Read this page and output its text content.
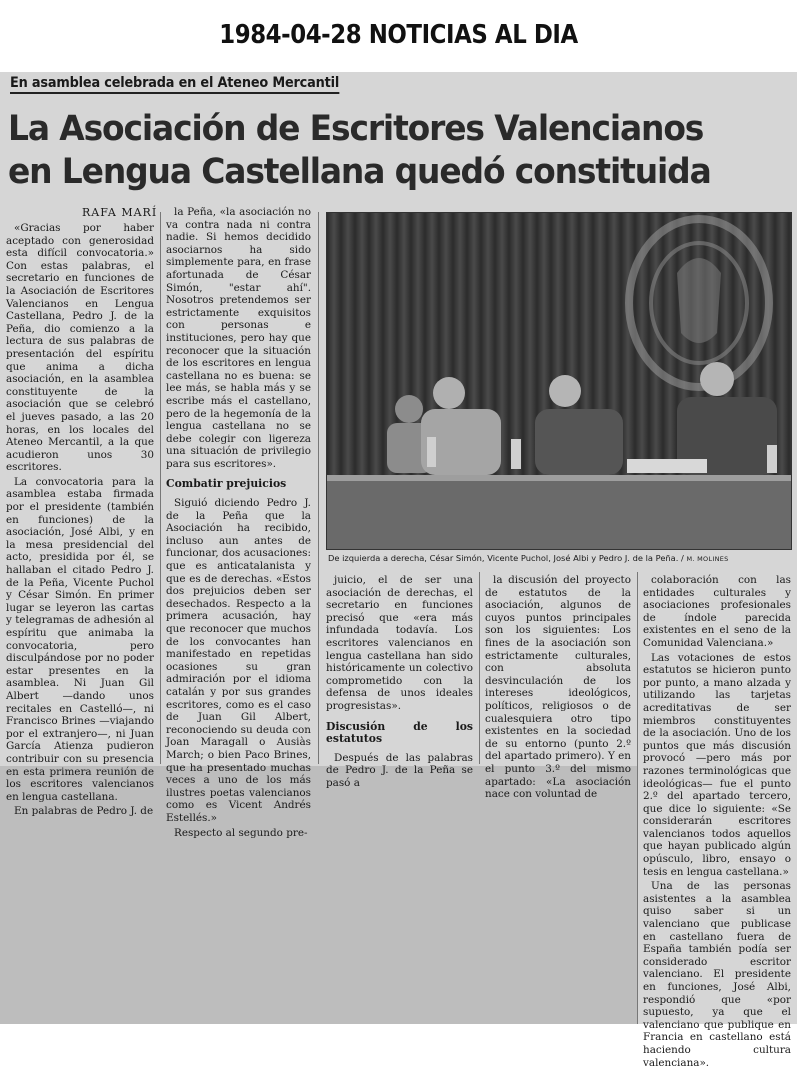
1984-04-28 NOTICIAS AL DIA
En asamblea celebrada en el Ateneo Mercantil
La Asociación de Escritores Valencianos en Lengua Castellana quedó constituida
RAFA MARÍ

«Gracias por haber aceptado con generosidad esta difícil convocatoria.» Con estas palabras, el secretario en funciones de la Asociación de Escritores Valencianos en Lengua Castellana, Pedro J. de la Peña, dio comienzo a la lectura de sus palabras de presentación del espíritu que anima a dicha asociación, en la asamblea constituyente de la asociación que se celebró el jueves pasado, a las 20 horas, en los locales del Ateneo Mercantil, a la que acudieron unos 30 escritores.

La convocatoria para la asamblea estaba firmada por el presidente (también en funciones) de la asociación, José Albi, y en la mesa presidencial del acto, presidida por él, se hallaban el citado Pedro J. de la Peña, Vicente Puchol y César Simón. En primer lugar se leyeron las cartas y telegramas de adhesión al espíritu que animaba la convocatoria, pero disculpándose por no poder estar presentes en la asamblea. Ni Juan Gil Albert —dando unos recitales en Castelló—, ni Francisco Brines —viajando por el extranjero—, ni Juan García Atienza pudieron contribuir con su presencia en esta primera reunión de los escritores valencianos en lengua castellana.

En palabras de Pedro J. de

la Peña, «la asociación no va contra nada ni contra nadie. Si hemos decidido asociarnos ha sido simplemente para, en frase afortunada de César Simón, "estar ahí". Nosotros pretendemos ser estrictamente exquisitos con personas e instituciones, pero hay que reconocer que la situación de los escritores en lengua castellana no es buena: se lee más, se habla más y se escribe más el castellano, pero de la hegemonía de la lengua castellana no se debe colegir con ligereza una situación de privilegio para sus escritores».

Combatir prejuicios

Siguió diciendo Pedro J. de la Peña que la Asociación ha recibido, incluso aun antes de funcionar, dos acusaciones: que es anticatalanista y que es de derechas. «Estos dos prejuicios deben ser desechados. Respecto a la primera acusación, hay que reconocer que muchos de los convocantes han manifestado en repetidas ocasiones su gran admiración por el idioma catalán y por sus grandes escritores, como es el caso de Juan Gil Albert, reconociendo su deuda con Joan Maragall o Ausiàs March; o bien Paco Brines, que ha presentado muchas veces a uno de los más ilustres poetas valencianos como es Vicent Andrés Estellés.»

Respecto al segundo pre-

De izquierda a derecha, César Simón, Vicente Puchol, José Albi y Pedro J. de la Peña. / M. MOLINES

juicio, el de ser una asociación de derechas, el secretario en funciones precisó que «era más infundada todavía. Los escritores valencianos en lengua castellana han sido históricamente un colectivo comprometido con la defensa de unos ideales progresistas».

Discusión de los estatutos

Después de las palabras de Pedro J. de la Peña se pasó a

la discusión del proyecto de estatutos de la asociación, algunos de cuyos puntos principales son los siguientes: Los fines de la asociación son estrictamente culturales, con absoluta desvinculación de los intereses ideológicos, políticos, religiosos o de cualesquiera otro tipo existentes en la sociedad de su entorno (punto 2.º del apartado primero). Y en el punto 3.º del mismo apartado: «La asociación nace con voluntad de

colaboración con las entidades culturales y asociaciones profesionales de índole parecida existentes en el seno de la Comunidad Valenciana.»

Las votaciones de estos estatutos se hicieron punto por punto, a mano alzada y utilizando las tarjetas acreditativas de ser miembros constituyentes de la asociación. Uno de los puntos que más discusión provocó —pero más por razones terminológicas que ideológicas— fue el punto 2.º del apartado tercero, que dice lo siguiente: «Se considerarán escritores valencianos todos aquellos que hayan publicado algún opúsculo, libro, ensayo o tesis en lengua castellana.»

Una de las personas asistentes a la asamblea quiso saber si un valenciano que publicase en castellano fuera de España también podía ser considerado escritor valenciano. El presidente en funciones, José Albi, respondió que «por supuesto, ya que el valenciano que publique en Francia en castellano está haciendo cultura valenciana».
